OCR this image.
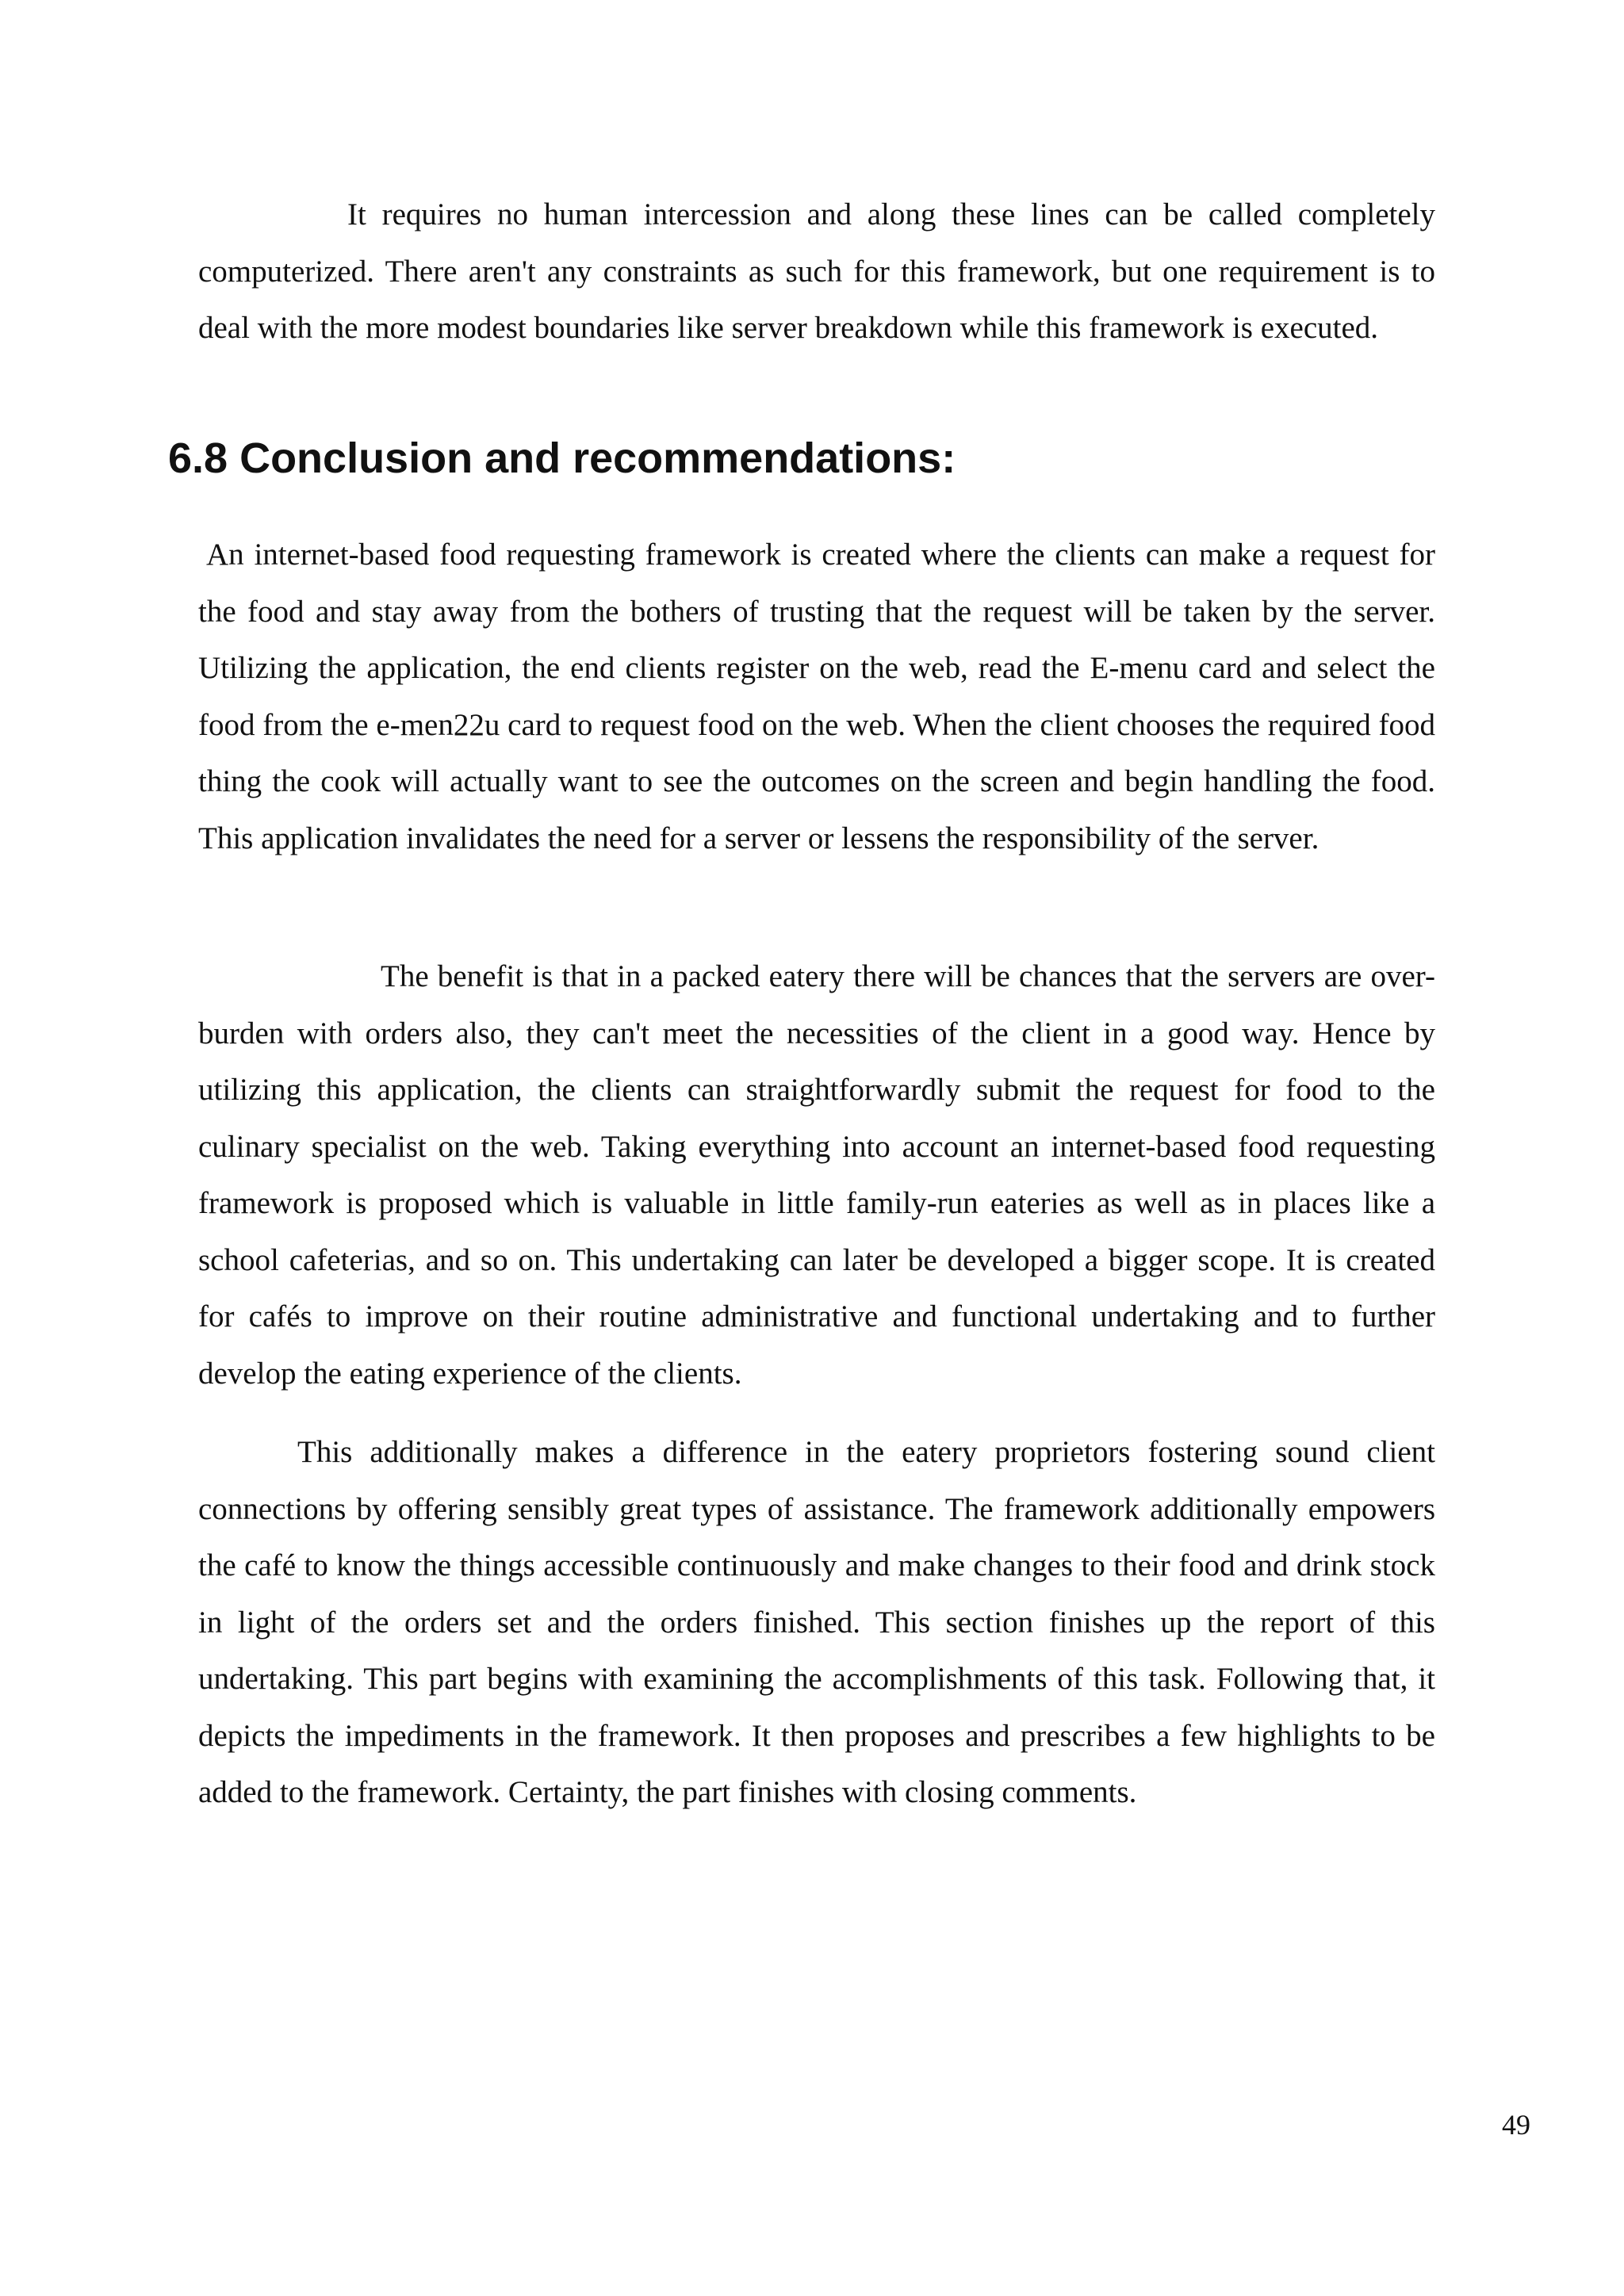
It requires no human intercession and along these lines can be called completely computerized. There aren't any constraints as such for this framework, but one requirement is to deal with the more modest boundaries like server breakdown while this framework is executed.

6.8 Conclusion and recommendations:

An internet-based food requesting framework is created where the clients can make a request for the food and stay away from the bothers of trusting that the request will be taken by the server. Utilizing the application, the end clients register on the web, read the E-menu card and select the food from the e-men22u card to request food on the web. When the client chooses the required food thing the cook will actually want to see the outcomes on the screen and begin handling the food. This application invalidates the need for a server or lessens the responsibility of the server.

The benefit is that in a packed eatery there will be chances that the servers are over-burden with orders also, they can't meet the necessities of the client in a good way. Hence by utilizing this application, the clients can straightforwardly submit the request for food to the culinary specialist on the web. Taking everything into account an internet-based food requesting framework is proposed which is valuable in little family-run eateries as well as in places like a school cafeterias, and so on. This undertaking can later be developed a bigger scope. It is created for cafés to improve on their routine administrative and functional undertaking and to further develop the eating experience of the clients.

This additionally makes a difference in the eatery proprietors fostering sound client connections by offering sensibly great types of assistance. The framework additionally empowers the café to know the things accessible continuously and make changes to their food and drink stock in light of the orders set and the orders finished. This section finishes up the report of this undertaking. This part begins with examining the accomplishments of this task. Following that, it depicts the impediments in the framework. It then proposes and prescribes a few highlights to be added to the framework. Certainty, the part finishes with closing comments.

49
